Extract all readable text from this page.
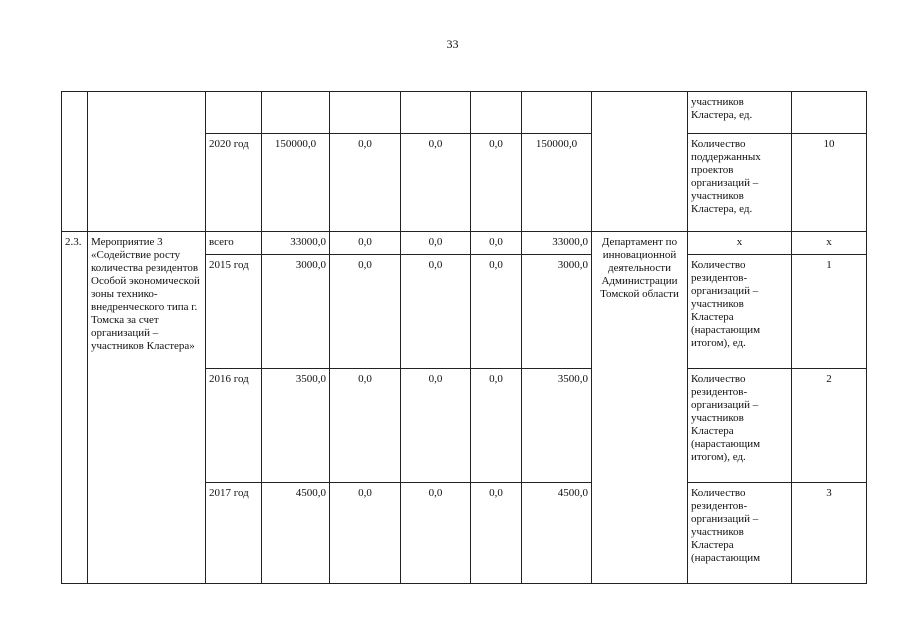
33
									участников Кластера, ед.	
		2020 год	150000,0	0,0	0,0	0,0	150000,0		Количество поддержанных проектов организаций – участников Кластера, ед.	10
2.3.	Мероприятие 3 «Содействие росту количества резидентов Особой экономической зоны технико-внедренческого типа г. Томска за счет организаций – участников Кластера»	всего	33000,0	0,0	0,0	0,0	33000,0	Департамент по инновационной деятельности Администрации Томской области	х	х
		2015 год	3000,0	0,0	0,0	0,0	3000,0		Количество резидентов-организаций – участников Кластера (нарастающим итогом), ед.	1
		2016 год	3500,0	0,0	0,0	0,0	3500,0		Количество резидентов-организаций – участников Кластера (нарастающим итогом), ед.	2
		2017 год	4500,0	0,0	0,0	0,0	4500,0		Количество резидентов-организаций – участников Кластера (нарастающим	3
